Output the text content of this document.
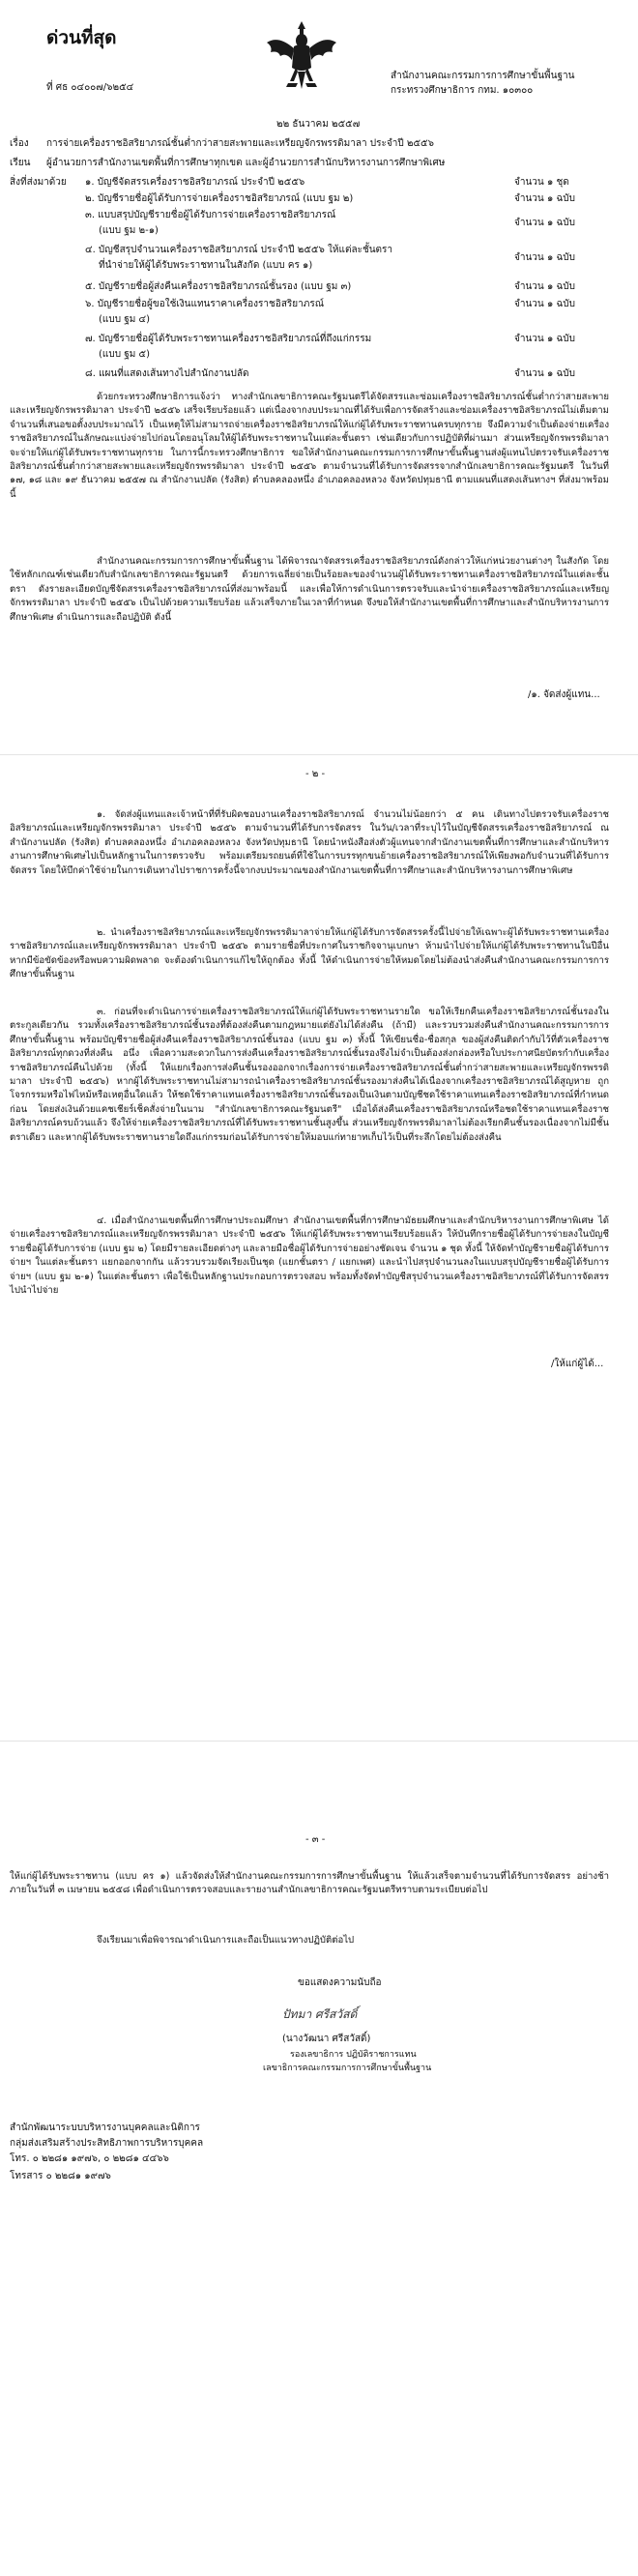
ด่วนที่สุด
ที่ ศธ ๐๔๐๐๗/๖๒๕๔
สำนักงานคณะกรรมการการศึกษาขั้นพื้นฐาน
กระทรวงศึกษาธิการ กทม. ๑๐๓๐๐
๒๒ ธันวาคม ๒๕๕๗
เรื่อง การจ่ายเครื่องราชอิสริยาภรณ์ชั้นต่ำกว่าสายสะพายและเหรียญจักรพรรดิมาลา ประจำปี ๒๕๕๖
เรียน ผู้อำนวยการสำนักงานเขตพื้นที่การศึกษาทุกเขต และผู้อำนวยการสำนักบริหารงานการศึกษาพิเศษ
สิ่งที่ส่งมาด้วย ๑. บัญชีจัดสรรเครื่องราชอิสริยาภรณ์ ประจำปี ๒๕๕๖	จำนวน ๑ ชุด
๒. บัญชีรายชื่อผู้ได้รับการจ่ายเครื่องราชอิสริยาภรณ์ (แบบ ฐม ๒)	จำนวน ๑ ฉบับ
๓. แบบสรุปบัญชีรายชื่อผู้ได้รับการจ่ายเครื่องราชอิสริยาภรณ์
(แบบ ฐม ๒-๑)
จำนวน ๑ ฉบับ
๔. บัญชีสรุปจำนวนเครื่องราชอิสริยาภรณ์ ประจำปี ๒๕๕๖ ให้แต่ละชั้นตรา
ที่นำจ่ายให้ผู้ได้รับพระราชทานในสังกัด (แบบ คร ๑)
จำนวน ๑ ฉบับ
๕. บัญชีรายชื่อผู้ส่งคืนเครื่องราชอิสริยาภรณ์ชั้นรอง (แบบ ฐม ๓)	จำนวน ๑ ฉบับ
๖. บัญชีรายชื่อผู้ขอใช้เงินแทนราคาเครื่องราชอิสริยาภรณ์
(แบบ ฐม ๔)
จำนวน ๑ ฉบับ
๗. บัญชีรายชื่อผู้ได้รับพระราชทานเครื่องราชอิสริยาภรณ์ที่ถึงแก่กรรม
(แบบ ฐม ๕)
จำนวน ๑ ฉบับ
๘. แผนที่แสดงเส้นทางไปสำนักงานปลัด	จำนวน ๑ ฉบับ
ด้วยกระทรวงศึกษาธิการแจ้งว่า ทางสำนักเลขาธิการคณะรัฐมนตรีได้จัดสรรและซ่อมเครื่องราชอิสริยาภรณ์ชั้นต่ำกว่าสายสะพายและเหรียญจักรพรรดิมาลา ประจำปี ๒๕๕๖ เสร็จเรียบร้อยแล้ว แต่เนื่องจากงบประมาณที่ได้รับเพื่อการจัดสร้างและซ่อมเครื่องราชอิสริยาภรณ์ไม่เต็มตามจำนวนที่เสนอขอตั้งงบประมาณไว้ เป็นเหตุให้ไม่สามารถจ่ายเครื่องราชอิสริยาภรณ์ให้แก่ผู้ได้รับพระราชทานครบทุกราย จึงมีความจำเป็นต้องจ่ายเครื่องราชอิสริยาภรณ์ในลักษณะแบ่งจ่ายไปก่อนโดยอนุโลมให้ผู้ได้รับพระราชทานในแต่ละชั้นตรา เช่นเดียวกับการปฏิบัติที่ผ่านมา ส่วนเหรียญจักรพรรดิมาลาจะจ่ายให้แก่ผู้ได้รับพระราชทานทุกราย ในการนี้กระทรวงศึกษาธิการ ขอให้สำนักงานคณะกรรมการการศึกษาขั้นพื้นฐานส่งผู้แทนไปตรวจรับเครื่องราชอิสริยาภรณ์ชั้นต่ำกว่าสายสะพายและเหรียญจักรพรรดิมาลา ประจำปี ๒๕๕๖ ตามจำนวนที่ได้รับการจัดสรรจากสำนักเลขาธิการคณะรัฐมนตรี ในวันที่ ๑๗, ๑๘ และ ๑๙ ธันวาคม ๒๕๕๗ ณ สำนักงานปลัด (รังสิต) ตำบลคลองหนึ่ง อำเภอคลองหลวง จังหวัดปทุมธานี ตามแผนที่แสดงเส้นทางฯ ที่ส่งมาพร้อมนี้
สำนักงานคณะกรรมการการศึกษาขั้นพื้นฐาน ได้พิจารณาจัดสรรเครื่องราชอิสริยาภรณ์ดังกล่าวให้แก่หน่วยงานต่างๆ ในสังกัด โดยใช้หลักเกณฑ์เช่นเดียวกับสำนักเลขาธิการคณะรัฐมนตรี ด้วยการเฉลี่ยจ่ายเป็นร้อยละของจำนวนผู้ได้รับพระราชทานเครื่องราชอิสริยาภรณ์ในแต่ละชั้นตรา ดังรายละเอียดบัญชีจัดสรรเครื่องราชอิสริยาภรณ์ที่ส่งมาพร้อมนี้ และเพื่อให้การดำเนินการตรวจรับและนำจ่ายเครื่องราชอิสริยาภรณ์และเหรียญจักรพรรดิมาลา ประจำปี ๒๕๕๖ เป็นไปด้วยความเรียบร้อย แล้วเสร็จภายในเวลาที่กำหนด จึงขอให้สำนักงานเขตพื้นที่การศึกษาและสำนักบริหารงานการศึกษาพิเศษ ดำเนินการและถือปฏิบัติ ดังนี้
/๑. จัดส่งผู้แทน...
- ๒ -
๑. จัดส่งผู้แทนและเจ้าหน้าที่ที่รับผิดชอบงานเครื่องราชอิสริยาภรณ์ จำนวนไม่น้อยกว่า ๕ คน เดินทางไปตรวจรับเครื่องราชอิสริยาภรณ์และเหรียญจักรพรรดิมาลา ประจำปี ๒๕๕๖ ตามจำนวนที่ได้รับการจัดสรร ในวัน/เวลาที่ระบุไว้ในบัญชีจัดสรรเครื่องราชอิสริยาภรณ์ ณ สำนักงานปลัด (รังสิต) ตำบลคลองหนึ่ง อำเภอคลองหลวง จังหวัดปทุมธานี โดยนำหนังสือส่งตัวผู้แทนจากสำนักงานเขตพื้นที่การศึกษาและสำนักบริหารงานการศึกษาพิเศษไปเป็นหลักฐานในการตรวจรับ พร้อมเตรียมรถยนต์ที่ใช้ในการบรรทุกขนย้ายเครื่องราชอิสริยาภรณ์ให้เพียงพอกับจำนวนที่ได้รับการจัดสรร โดยให้บึกค่าใช้จ่ายในการเดินทางไปราชการครั้งนี้จากงบประมาณของสำนักงานเขตพื้นที่การศึกษาและสำนักบริหารงานการศึกษาพิเศษ
๒. นำเครื่องราชอิสริยาภรณ์และเหรียญจักรพรรดิมาลาจ่ายให้แก่ผู้ได้รับการจัดสรรครั้งนี้ไปจ่ายให้เฉพาะผู้ได้รับพระราชทานเครื่องราชอิสริยาภรณ์และเหรียญจักรพรรดิมาลา ประจำปี ๒๕๕๖ ตามรายชื่อที่ประกาศในราชกิจจานุเบกษา ห้ามนำไปจ่ายให้แก่ผู้ได้รับพระราชทานในปีอื่น หากมีข้อขัดข้องหรือพบความผิดพลาด จะต้องดำเนินการแก้ไขให้ถูกต้อง ทั้งนี้ ให้ดำเนินการจ่ายให้หมดโดยไม่ต้องนำส่งคืนสำนักงานคณะกรรมการการศึกษาขั้นพื้นฐาน
๓. ก่อนที่จะดำเนินการจ่ายเครื่องราชอิสริยาภรณ์ให้แก่ผู้ได้รับพระราชทานรายใด ขอให้เรียกคืนเครื่องราชอิสริยาภรณ์ชั้นรองในตระกูลเดียวกัน รวมทั้งเครื่องราชอิสริยาภรณ์ชั้นรองที่ต้องส่งคืนตามกฎหมายแต่ยังไม่ได้ส่งคืน (ถ้ามี) และรวบรวมส่งคืนสำนักงานคณะกรรมการการศึกษาขั้นพื้นฐาน พร้อมบัญชีรายชื่อผู้ส่งคืนเครื่องราชอิสริยาภรณ์ชั้นรอง (แบบ ฐม ๓) ทั้งนี้ ให้เขียนชื่อ-ชื่อสกุล ของผู้ส่งคืนติดกำกับไว้ที่ตัวเครื่องราชอิสริยาภรณ์ทุกดวงที่ส่งคืน อนึ่ง เพื่อความสะดวกในการส่งคืนเครื่องราชอิสริยาภรณ์ชั้นรองจึงไม่จำเป็นต้องส่งกล่องหรือใบประกาศนียบัตรกำกับเครื่องราชอิสริยาภรณ์คืนไปด้วย (ทั้งนี้ ให้แยกเรื่องการส่งคืนชั้นรองออกจากเรื่องการจ่ายเครื่องราชอิสริยาภรณ์ชั้นต่ำกว่าสายสะพายและเหรียญจักรพรรดิมาลา ประจำปี ๒๕๕๖) หากผู้ได้รับพระราชทานไม่สามารถนำเครื่องราชอิสริยาภรณ์ชั้นรองมาส่งคืนได้เนื่องจากเครื่องราชอิสริยาภรณ์ได้สูญหาย ถูกโจรกรรมหรือไฟไหม้หรือเหตุอื่นใดแล้ว ให้ชดใช้ราคาแทนเครื่องราชอิสริยาภรณ์ชั้นรองเป็นเงินตามบัญชีชดใช้ราคาแทนเครื่องราชอิสริยาภรณ์ที่กำหนดก่อน โดยส่งเงินด้วยแคชเชียร์เช็คสั่งจ่ายในนาม "สำนักเลขาธิการคณะรัฐมนตรี" เมื่อได้ส่งคืนเครื่องราชอิสริยาภรณ์หรือชดใช้ราคาแทนเครื่องราชอิสริยาภรณ์ครบถ้วนแล้ว จึงให้จ่ายเครื่องราชอิสริยาภรณ์ที่ได้รับพระราชทานชั้นสูงขึ้น ส่วนเหรียญจักรพรรดิมาลาไม่ต้องเรียกคืนชั้นรองเนื่องจากไม่มีชั้นตราเดียว และหากผู้ได้รับพระราชทานรายใดถึงแก่กรรมก่อนได้รับการจ่ายให้มอบแก่ทายาทเก็บไว้เป็นที่ระลึกโดยไม่ต้องส่งคืน
๔. เมื่อสำนักงานเขตพื้นที่การศึกษาประถมศึกษา สำนักงานเขตพื้นที่การศึกษามัธยมศึกษาและสำนักบริหารงานการศึกษาพิเศษ ได้จ่ายเครื่องราชอิสริยาภรณ์และเหรียญจักรพรรดิมาลา ประจำปี ๒๕๕๖ ให้แก่ผู้ได้รับพระราชทานเรียบร้อยแล้ว ให้บันทึกรายชื่อผู้ได้รับการจ่ายลงในบัญชีรายชื่อผู้ได้รับการจ่าย (แบบ ฐม ๒) โดยมีรายละเอียดต่างๆ และลายมือชื่อผู้ได้รับการจ่ายอย่างชัดเจน จำนวน ๑ ชุด ทั้งนี้ ให้จัดทำบัญชีรายชื่อผู้ได้รับการจ่ายฯ ในแต่ละชั้นตรา แยกออกจากกัน แล้วรวบรวมจัดเรียงเป็นชุด (แยกชั้นตรา / แยกเพศ) และนำไปสรุปจำนวนลงในแบบสรุปบัญชีรายชื่อผู้ได้รับการจ่ายฯ (แบบ ฐม ๒-๑) ในแต่ละชั้นตรา เพื่อใช้เป็นหลักฐานประกอบการตรวจสอบ พร้อมทั้งจัดทำบัญชีสรุปจำนวนเครื่องราชอิสริยาภรณ์ที่ได้รับการจัดสรรไปนำไปจ่าย
/ให้แก่ผู้ได้...
- ๓ -
ให้แก่ผู้ได้รับพระราชทาน (แบบ คร ๑) แล้วจัดส่งให้สำนักงานคณะกรรมการการศึกษาขั้นพื้นฐาน ให้แล้วเสร็จตามจำนวนที่ได้รับการจัดสรร อย่างช้าภายในวันที่ ๓ เมษายน ๒๕๕๘ เพื่อดำเนินการตรวจสอบและรายงานสำนักเลขาธิการคณะรัฐมนตรีทราบตามระเบียบต่อไป
จึงเรียนมาเพื่อพิจารณาดำเนินการและถือเป็นแนวทางปฏิบัติต่อไป
ขอแสดงความนับถือ
ปัทมา ศรีสวัสดิ์
(นางวัฒนา ศรีสวัสดิ์)
รองเลขาธิการ ปฏิบัติราชการแทน
เลขาธิการคณะกรรมการการศึกษาขั้นพื้นฐาน
สำนักพัฒนาระบบบริหารงานบุคคลและนิติการ
กลุ่มส่งเสริมสร้างประสิทธิภาพการบริหารบุคคล
โทร. ๐ ๒๒๘๑ ๑๙๗๖, ๐ ๒๒๘๑ ๔๔๖๖
โทรสาร ๐ ๒๒๘๑ ๑๙๗๖
